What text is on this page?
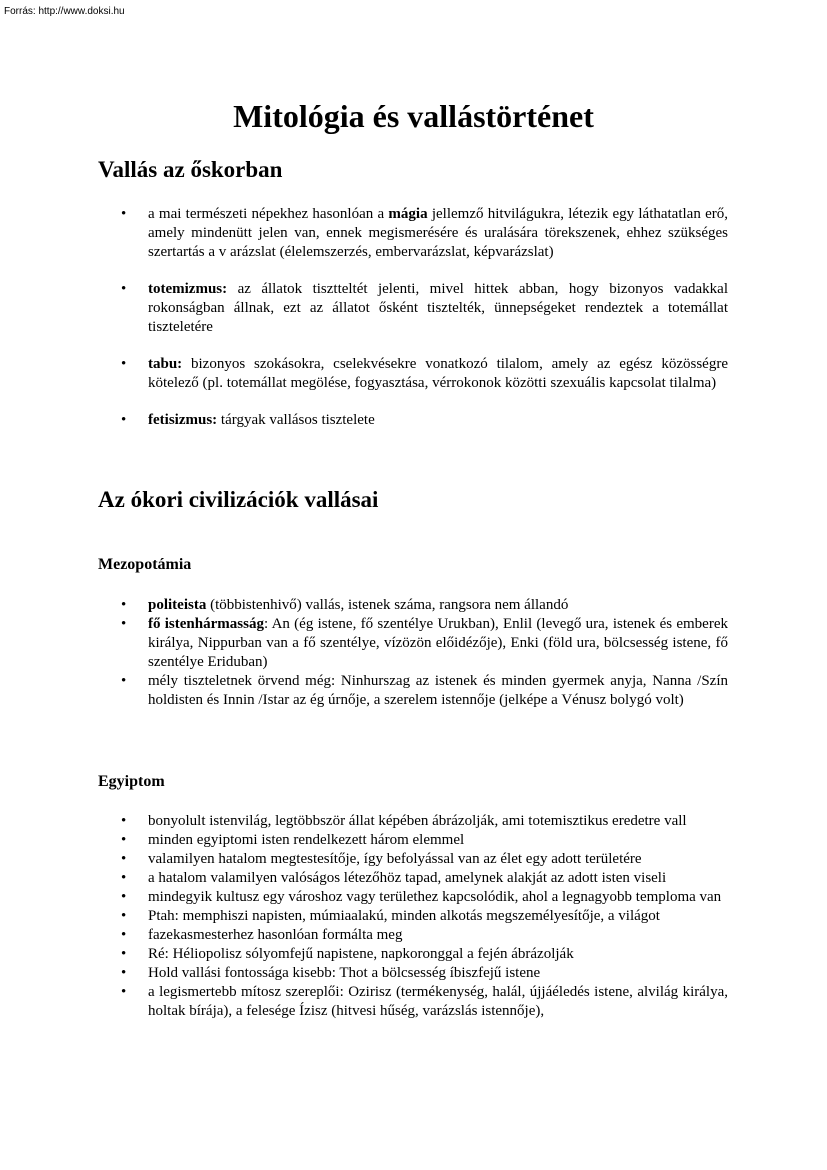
Forrás: http://www.doksi.hu
Mitológia és vallástörténet
Vallás az őskorban
• a mai természeti népekhez hasonlóan a mágia jellemző hitvilágukra, létezik egy láthatatlan erő, amely mindenütt jelen van, ennek megismerésére és uralására törekszenek, ehhez szükséges szertartás a v arázslat (élelemszerzés, embervarázslat, képvarázslat)
• totemizmus: az állatok tisztteltét jelenti, mivel hittek abban, hogy bizonyos vadakkal rokonságban állnak, ezt az állatot ősként tisztelték, ünnepségeket rendeztek a totemállat tiszteletére
• tabu: bizonyos szokásokra, cselekvésekre vonatkozó tilalom, amely az egész közösségre kötelező (pl. totemállat megölése, fogyasztása, vérrokonok közötti szexuális kapcsolat tilalma)
• fetisizmus: tárgyak vallásos tisztelete
Az ókori civilizációk vallásai
Mezopotámia
• politeista (többistenhivő) vallás, istenek száma, rangsora nem állandó
• fő istenhármasság: An (ég istene, fő szentélye Urukban), Enlil (levegő ura, istenek és emberek királya, Nippurban van a fő szentélye, vízözön előidézője), Enki (föld ura, bölcsesség istene, fő szentélye Eriduban)
• mély tiszteletnek örvend még: Ninhurszag az istenek és minden gyermek anyja, Nanna /Szín holdisten és Innin /Istar az ég úrnője, a szerelem istennője (jelképe a Vénusz bolygó volt)
Egyiptom
• bonyolult istenvilág, legtöbbször állat képében ábrázolják, ami totemisztikus eredetre vall
• minden egyiptomi isten rendelkezett három elemmel
• valamilyen hatalom megtestesítője, így befolyással van az élet egy adott területére
• a hatalom valamilyen valóságos létezőhöz tapad, amelynek alakját az adott isten viseli
• mindegyik kultusz egy városhoz vagy területhez kapcsolódik, ahol a legnagyobb temploma van
• Ptah: memphiszi napisten, múmiaalakú, minden alkotás megszemélyesítője, a világot
• fazekasmesterhez hasonlóan formálta meg
• Ré: Héliopolisz sólyomfejű napistene, napkoronggal a fején ábrázolják
• Hold vallási fontossága kisebb: Thot a bölcsesség íbiszfejű istene
• a legismertebb mítosz szereplői: Ozirisz (termékenység, halál, újjáéledés istene, alvilág királya, holtak bírája), a felesége Ízisz (hitvesi hűség, varázslás istennője),
